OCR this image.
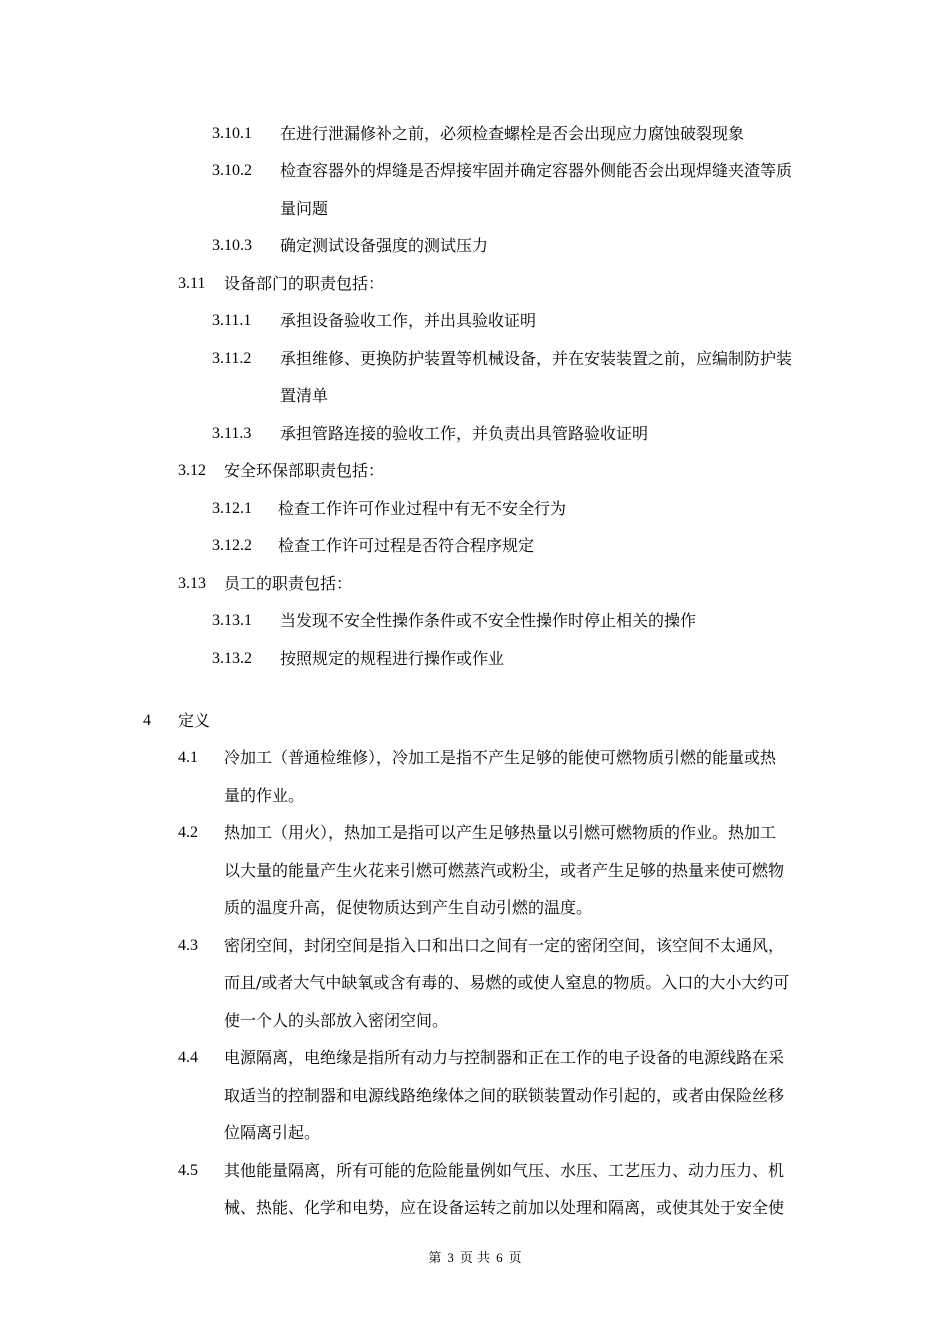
3.10.1 在进行泄漏修补之前，必须检查螺栓是否会出现应力腐蚀破裂现象
3.10.2 检查容器外的焊缝是否焊接牢固并确定容器外侧能否会出现焊缝夹渣等质
量问题
3.10.3 确定测试设备强度的测试压力
3.11 设备部门的职责包括：
3.11.1 承担设备验收工作，并出具验收证明
3.11.2 承担维修、更换防护装置等机械设备，并在安装装置之前，应编制防护装
置清单
3.11.3 承担管路连接的验收工作，并负责出具管路验收证明
3.12 安全环保部职责包括：
3.12.1 检查工作许可作业过程中有无不安全行为
3.12.2 检查工作许可过程是否符合程序规定
3.13 员工的职责包括：
3.13.1 当发现不安全性操作条件或不安全性操作时停止相关的操作
3.13.2 按照规定的规程进行操作或作业
4 定义
4.1 冷加工（普通检维修），冷加工是指不产生足够的能使可燃物质引燃的能量或热
量的作业。
4.2 热加工（用火），热加工是指可以产生足够热量以引燃可燃物质的作业。热加工
以大量的能量产生火花来引燃可燃蒸汽或粉尘，或者产生足够的热量来使可燃物
质的温度升高，促使物质达到产生自动引燃的温度。
4.3 密闭空间，封闭空间是指入口和出口之间有一定的密闭空间，该空间不太通风，
而且/或者大气中缺氧或含有毒的、易燃的或使人窒息的物质。入口的大小大约可
使一个人的头部放入密闭空间。
4.4 电源隔离，电绝缘是指所有动力与控制器和正在工作的电子设备的电源线路在采
取适当的控制器和电源线路绝缘体之间的联锁装置动作引起的，或者由保险丝移
位隔离引起。
4.5 其他能量隔离，所有可能的危险能量例如气压、水压、工艺压力、动力压力、机
械、热能、化学和电势，应在设备运转之前加以处理和隔离，或使其处于安全使
第 3 页 共 6 页
